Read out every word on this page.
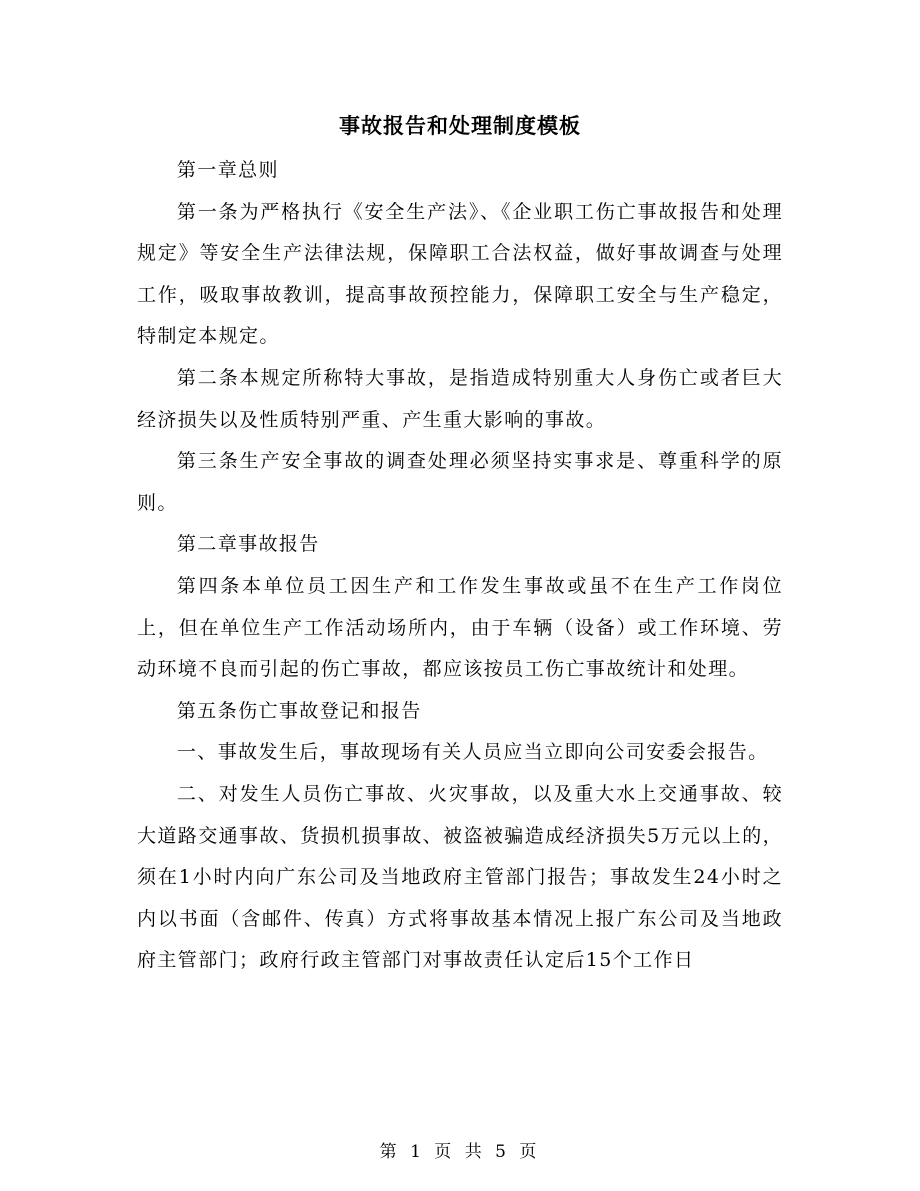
事故报告和处理制度模板

第一章总则

第一条为严格执行《安全生产法》、《企业职工伤亡事故报告和处理规定》等安全生产法律法规，保障职工合法权益，做好事故调查与处理工作，吸取事故教训，提高事故预控能力，保障职工安全与生产稳定，特制定本规定。

第二条本规定所称特大事故，是指造成特别重大人身伤亡或者巨大经济损失以及性质特别严重、产生重大影响的事故。

第三条生产安全事故的调查处理必须坚持实事求是、尊重科学的原则。

第二章事故报告

第四条本单位员工因生产和工作发生事故或虽不在生产工作岗位上，但在单位生产工作活动场所内，由于车辆（设备）或工作环境、劳动环境不良而引起的伤亡事故，都应该按员工伤亡事故统计和处理。

第五条伤亡事故登记和报告

一、事故发生后，事故现场有关人员应当立即向公司安委会报告。

二、对发生人员伤亡事故、火灾事故，以及重大水上交通事故、较大道路交通事故、货损机损事故、被盗被骗造成经济损失5万元以上的，须在1小时内向广东公司及当地政府主管部门报告；事故发生24小时之内以书面（含邮件、传真）方式将事故基本情况上报广东公司及当地政府主管部门；政府行政主管部门对事故责任认定后15个工作日

第 1 页 共 5 页
